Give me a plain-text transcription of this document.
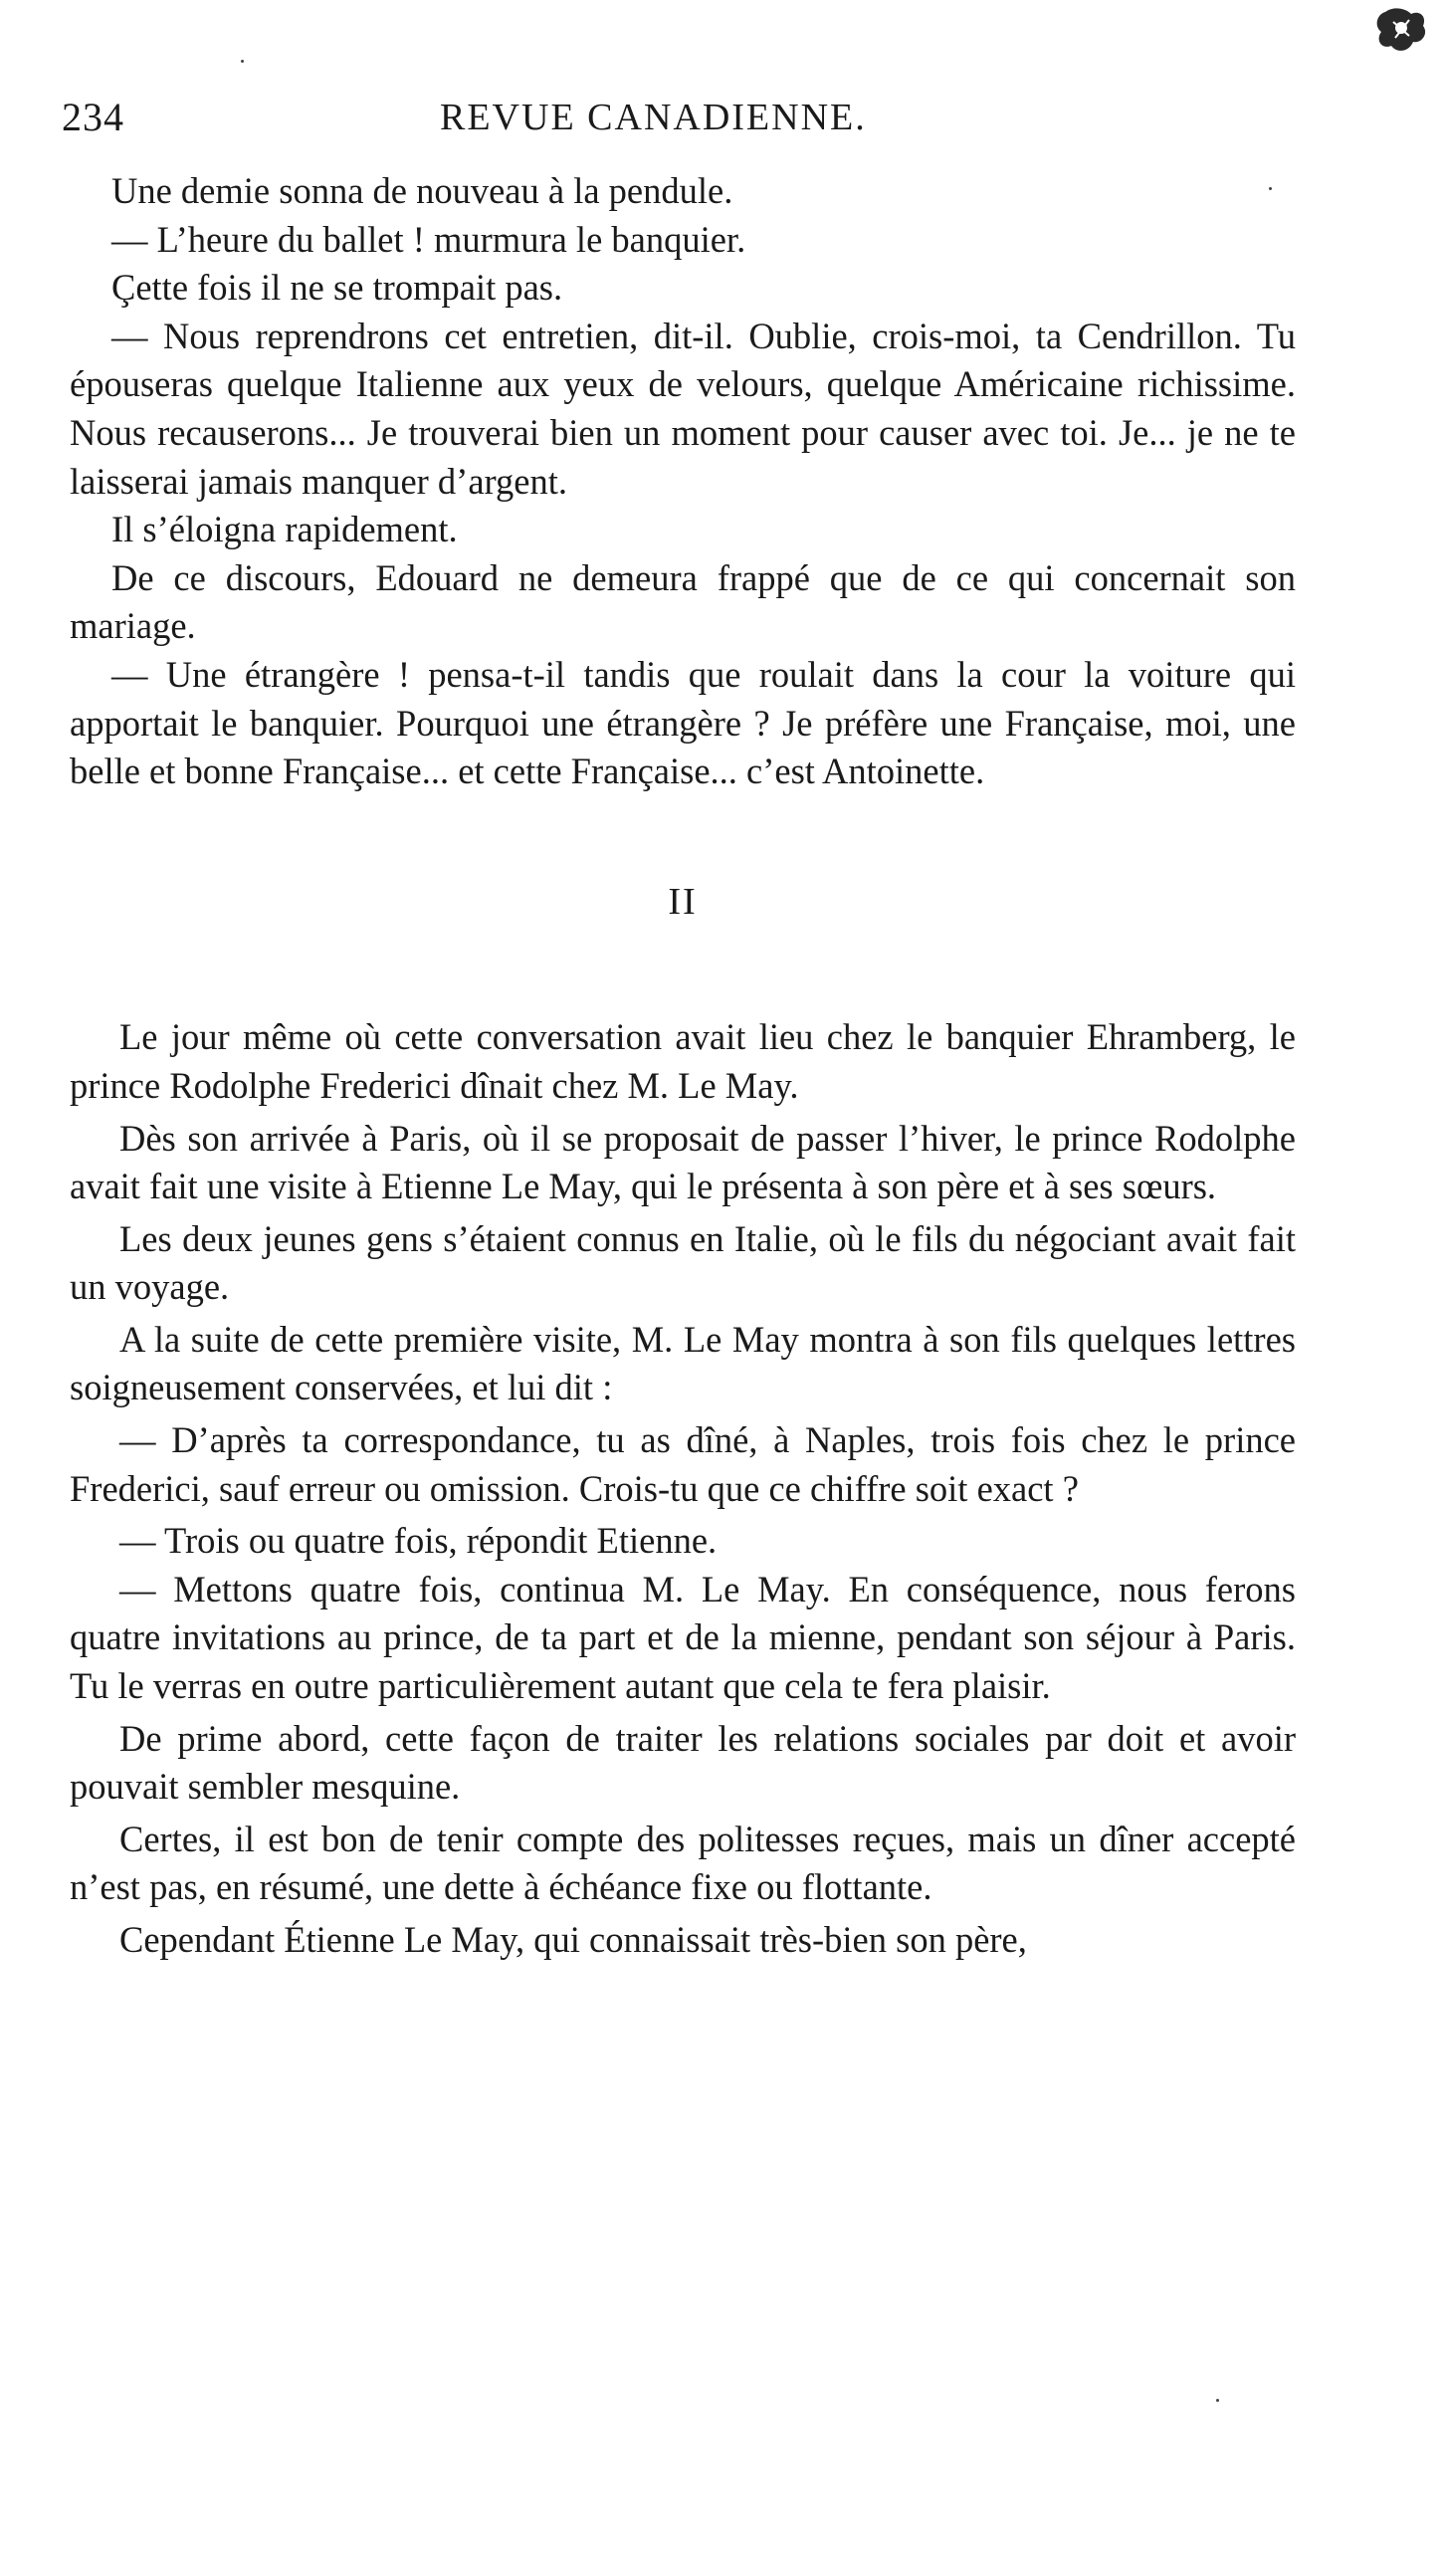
234	REVUE CANADIENNE.

Une demie sonna de nouveau à la pendule.

— L’heure du ballet ! murmura le banquier.

Çette fois il ne se trompait pas.

— Nous reprendrons cet entretien, dit-il. Oublie, crois-moi, ta Cendrillon. Tu épouseras quelque Italienne aux yeux de velours, quelque Américaine richissime. Nous recauserons... Je trouverai bien un moment pour causer avec toi. Je... je ne te laisserai jamais manquer d’argent.

Il s’éloigna rapidement.

De ce discours, Edouard ne demeura frappé que de ce qui concernait son mariage.

— Une étrangère ! pensa-t-il tandis que roulait dans la cour la voiture qui apportait le banquier. Pourquoi une étrangère ? Je préfère une Française, moi, une belle et bonne Française... et cette Française... c’est Antoinette.

II

Le jour même où cette conversation avait lieu chez le banquier Ehramberg, le prince Rodolphe Frederici dînait chez M. Le May.

Dès son arrivée à Paris, où il se proposait de passer l’hiver, le prince Rodolphe avait fait une visite à Etienne Le May, qui le présenta à son père et à ses sœurs.

Les deux jeunes gens s’étaient connus en Italie, où le fils du négociant avait fait un voyage.

A la suite de cette première visite, M. Le May montra à son fils quelques lettres soigneusement conservées, et lui dit :

— D’après ta correspondance, tu as dîné, à Naples, trois fois chez le prince Frederici, sauf erreur ou omission. Crois-tu que ce chiffre soit exact ?

— Trois ou quatre fois, répondit Etienne.

— Mettons quatre fois, continua M. Le May. En conséquence, nous ferons quatre invitations au prince, de ta part et de la mienne, pendant son séjour à Paris. Tu le verras en outre particulièrement autant que cela te fera plaisir.

De prime abord, cette façon de traiter les relations sociales par doit et avoir pouvait sembler mesquine.

Certes, il est bon de tenir compte des politesses reçues, mais un dîner accepté n’est pas, en résumé, une dette à échéance fixe ou flottante.

Cependant Étienne Le May, qui connaissait très-bien son père,
